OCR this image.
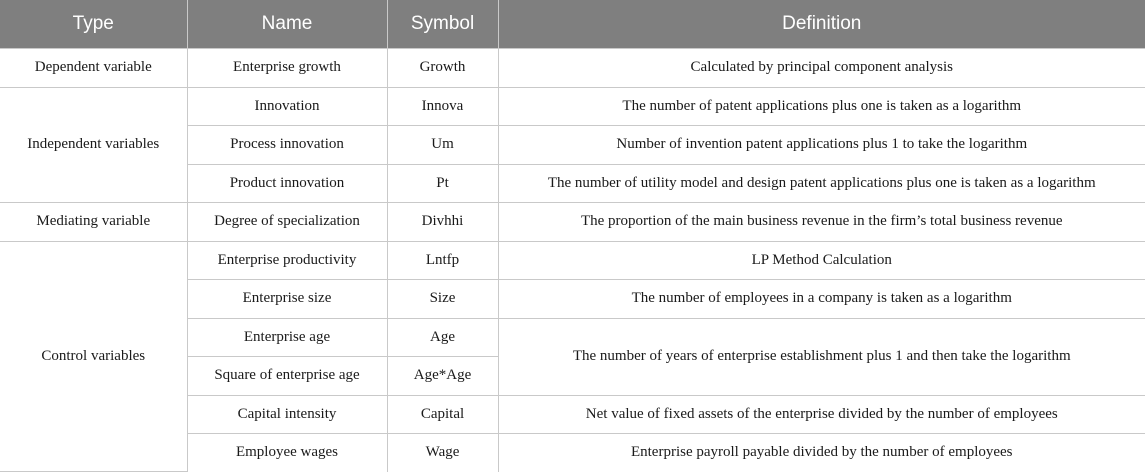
Type	Name	Symbol	Definition
Dependent variable	Enterprise growth	Growth	Calculated by principal component analysis
Independent variables	Innovation	Innova	The number of patent applications plus one is taken as a logarithm
	Process innovation	Um	Number of invention patent applications plus 1 to take the logarithm
	Product innovation	Pt	The number of utility model and design patent applications plus one is taken as a logarithm
Mediating variable	Degree of specialization	Divhhi	The proportion of the main business revenue in the firm’s total business revenue
Control variables	Enterprise productivity	Lntfp	LP Method Calculation
	Enterprise size	Size	The number of employees in a company is taken as a logarithm
	Enterprise age	Age	The number of years of enterprise establishment plus 1 and then take the logarithm
	Square of enterprise age	Age*Age	
	Capital intensity	Capital	Net value of fixed assets of the enterprise divided by the number of employees
	Employee wages	Wage	Enterprise payroll payable divided by the number of employees
